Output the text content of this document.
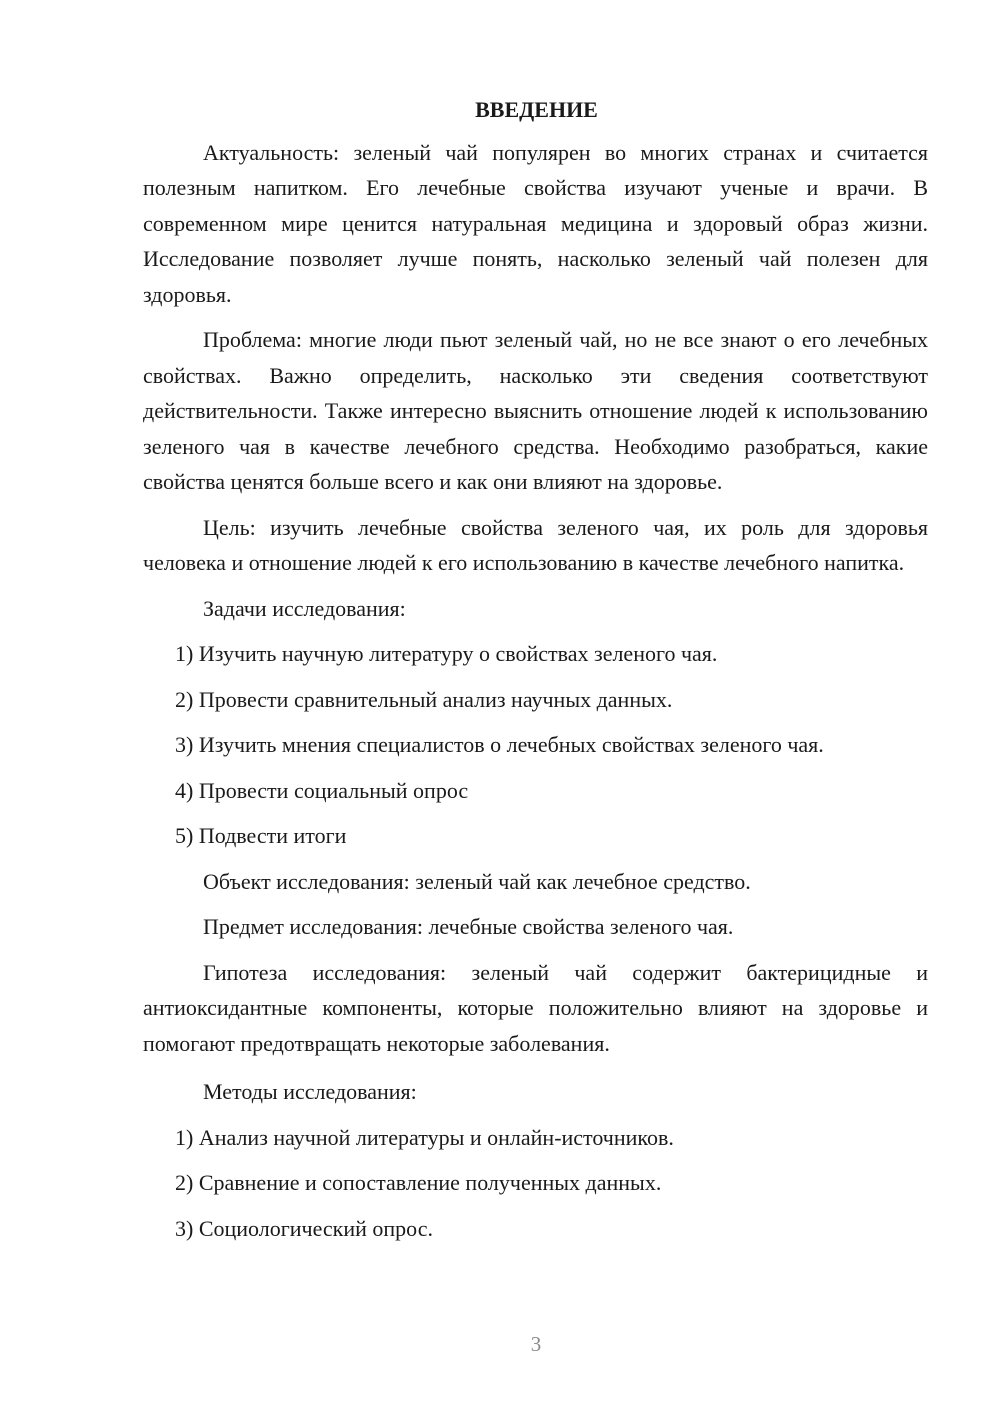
ВВЕДЕНИЕ

Актуальность: зеленый чай популярен во многих странах и считается полезным напитком. Его лечебные свойства изучают ученые и врачи. В современном мире ценится натуральная медицина и здоровый образ жизни. Исследование позволяет лучше понять, насколько зеленый чай полезен для здоровья.

Проблема: многие люди пьют зеленый чай, но не все знают о его лечебных свойствах. Важно определить, насколько эти сведения соответствуют действительности. Также интересно выяснить отношение людей к использованию зеленого чая в качестве лечебного средства. Необходимо разобраться, какие свойства ценятся больше всего и как они влияют на здоровье.

Цель: изучить лечебные свойства зеленого чая, их роль для здоровья человека и отношение людей к его использованию в качестве лечебного напитка.

Задачи исследования:

1) Изучить научную литературу о свойствах зеленого чая.

2) Провести сравнительный анализ научных данных.

3) Изучить мнения специалистов о лечебных свойствах зеленого чая.

4) Провести социальный опрос

5) Подвести итоги

Объект исследования: зеленый чай как лечебное средство.

Предмет исследования: лечебные свойства зеленого чая.

Гипотеза исследования: зеленый чай содержит бактерицидные и антиоксидантные компоненты, которые положительно влияют на здоровье и помогают предотвращать некоторые заболевания.

Методы исследования:

1) Анализ научной литературы и онлайн-источников.

2) Сравнение и сопоставление полученных данных.

3) Социологический опрос.

3
